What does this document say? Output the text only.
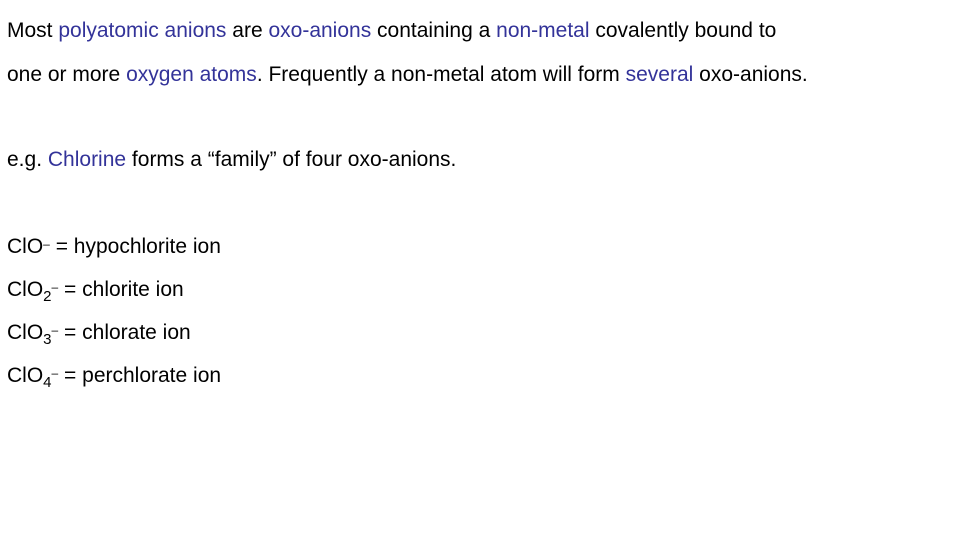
Most polyatomic anions are oxo-anions containing a non-metal covalently bound to
one or more oxygen atoms. Frequently a non-metal atom will form several oxo-anions.
e.g. Chlorine forms a “family” of four oxo-anions.
ClO– = hypochlorite ion
ClO$_2$– = chlorite ion
ClO$_3$– = chlorate ion
ClO$_4$– = perchlorate ion
